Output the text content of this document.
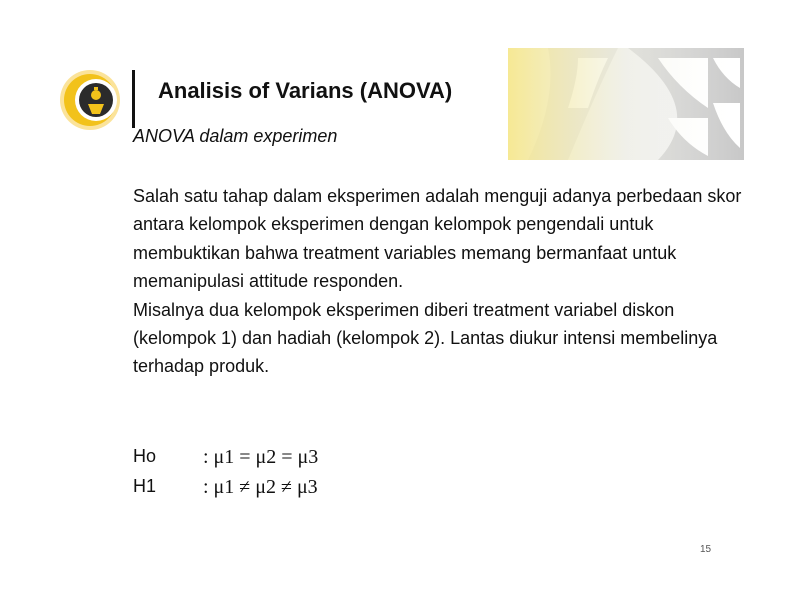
Analisis of Varians (ANOVA)
ANOVA dalam experimen

Salah satu tahap dalam eksperimen adalah menguji adanya perbedaan skor antara kelompok eksperimen dengan kelompok pengendali untuk membuktikan bahwa treatment variables memang bermanfaat untuk memanipulasi attitude responden.

Misalnya dua kelompok eksperimen diberi treatment variabel diskon (kelompok 1) dan hadiah (kelompok 2). Lantas diukur intensi membelinya terhadap produk.

Ho : μ1 = μ2 = μ3
H1 : μ1 ≠ μ2 ≠ μ3
15
